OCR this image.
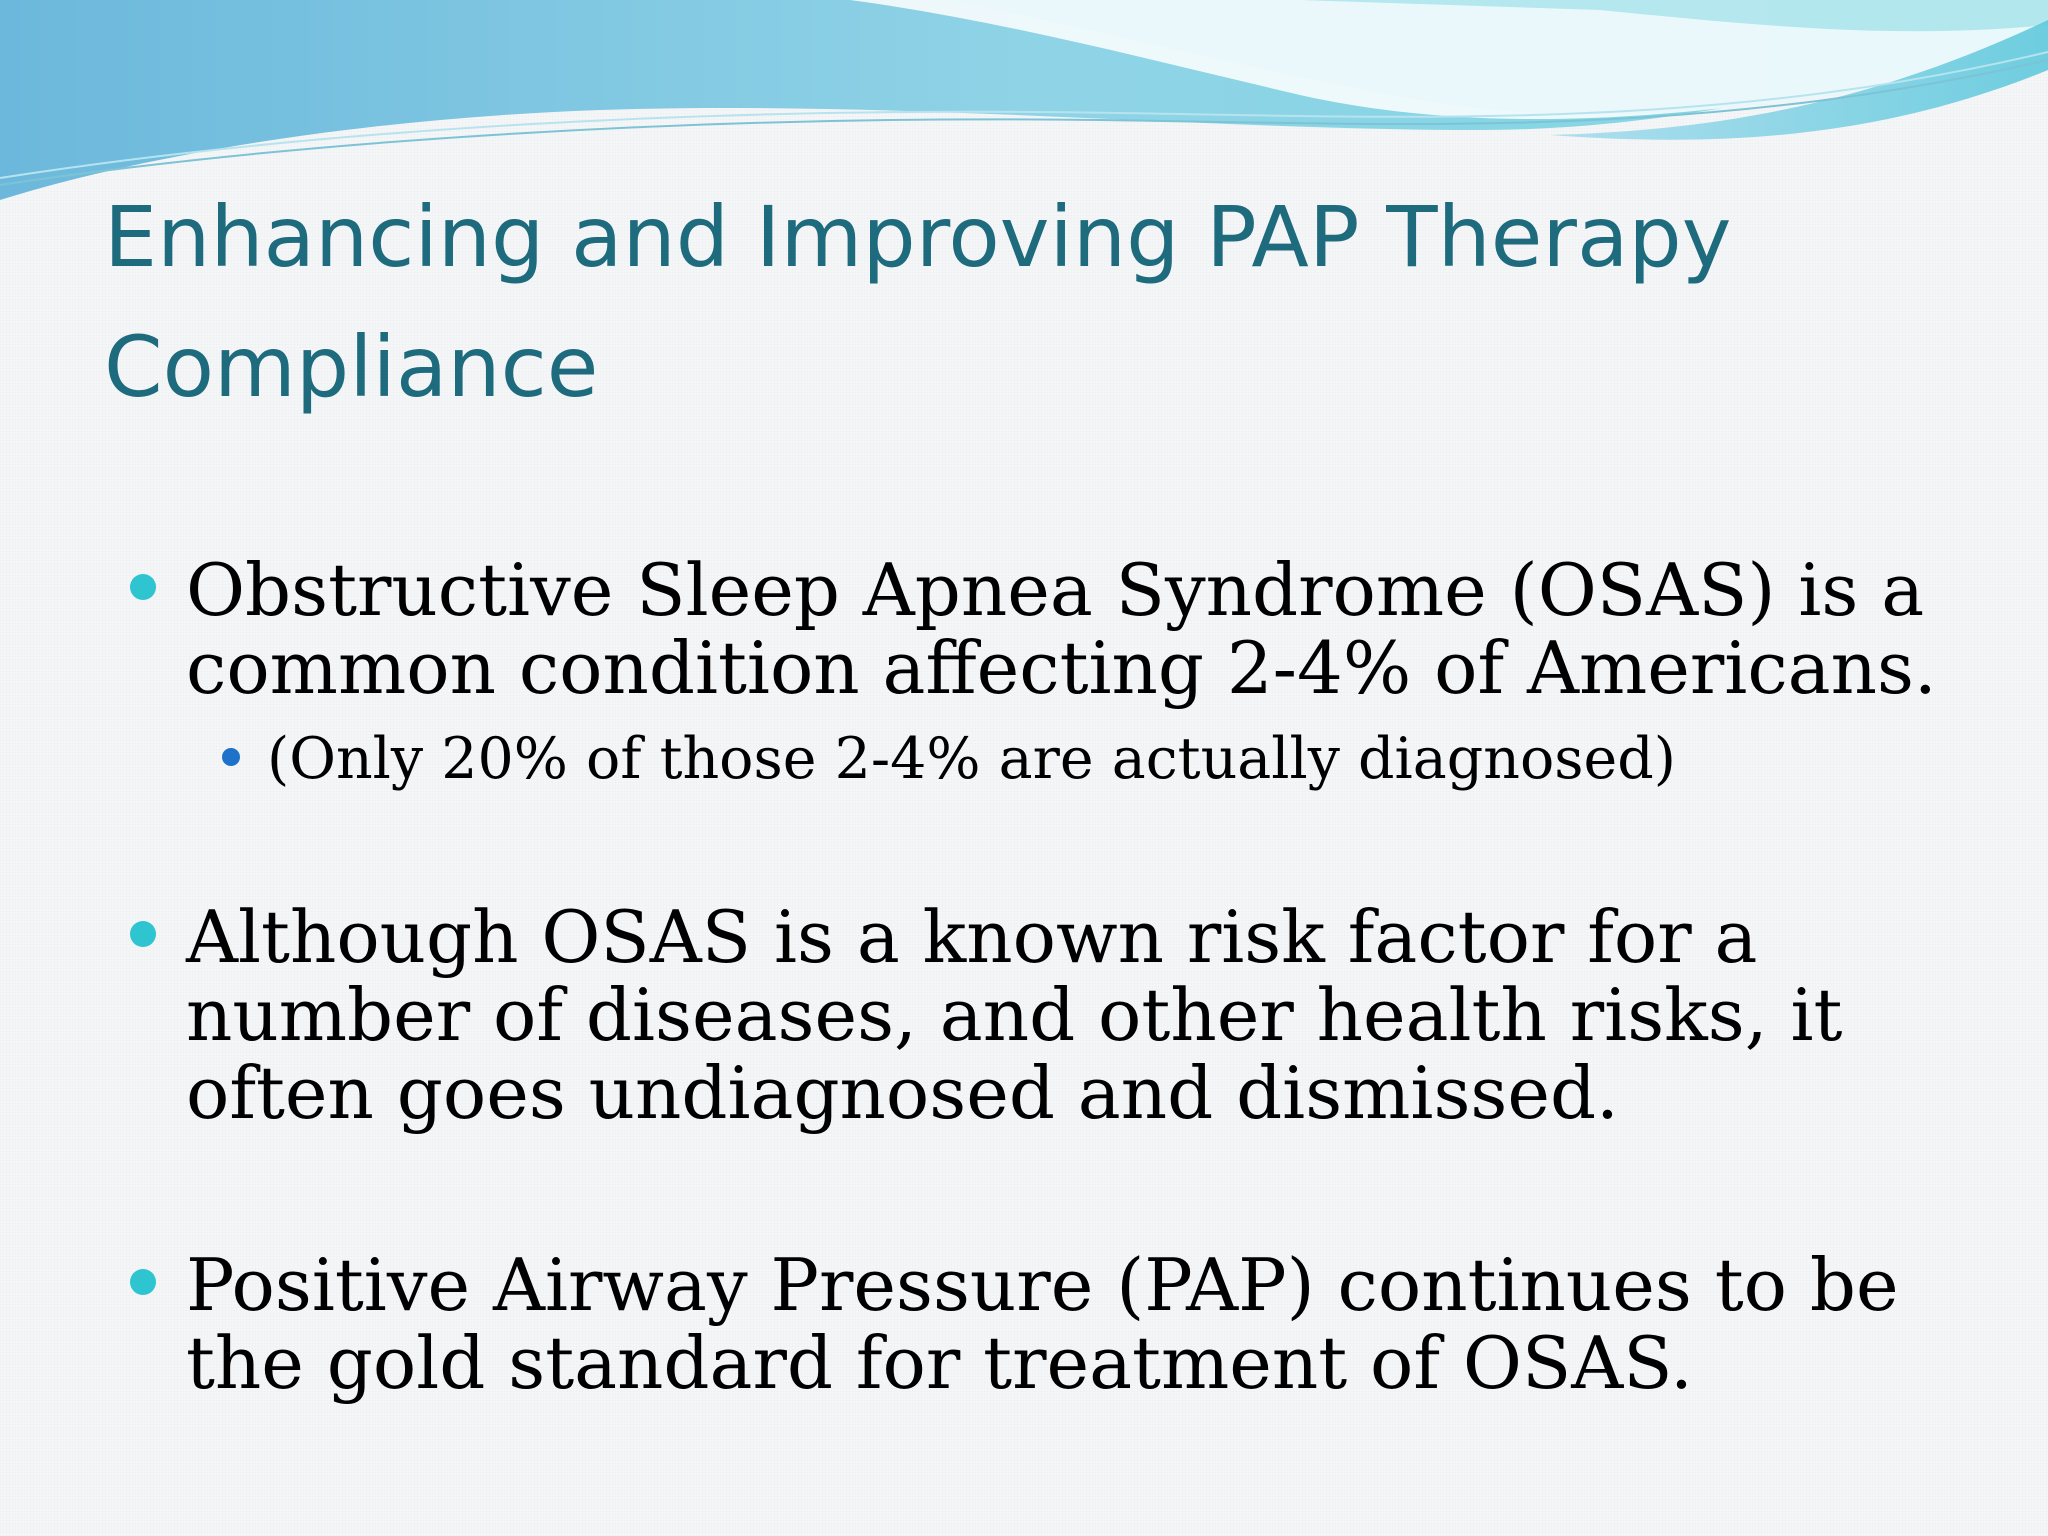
Enhancing and Improving PAP Therapy Compliance
Obstructive Sleep Apnea Syndrome (OSAS) is a common condition affecting 2-4% of Americans.
(Only 20% of those 2-4% are actually diagnosed)
Although OSAS is a known risk factor for a number of diseases, and other health risks, it often goes undiagnosed and dismissed.
Positive Airway Pressure (PAP) continues to be the gold standard for treatment of OSAS.
